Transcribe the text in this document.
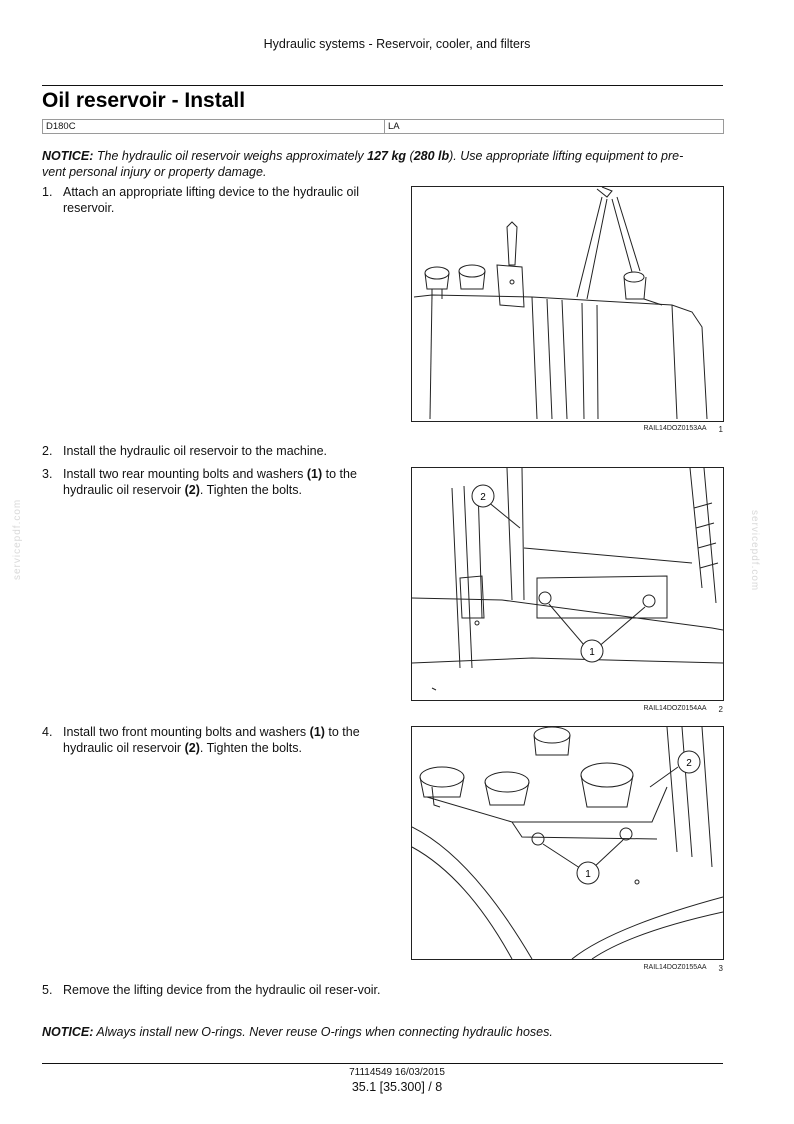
Hydraulic systems - Reservoir, cooler, and filters
Oil reservoir - Install
D180C	LA
NOTICE: The hydraulic oil reservoir weighs approximately 127 kg (280 lb). Use appropriate lifting equipment to pre-
vent personal injury or property damage.
1. Attach an appropriate lifting device to the hydraulic oil reservoir.
RAIL14DOZ0153AA 1
2. Install the hydraulic oil reservoir to the machine.
3. Install two rear mounting bolts and washers (1) to the hydraulic oil reservoir (2). Tighten the bolts.
1
2
RAIL14DOZ0154AA 2
4. Install two front mounting bolts and washers (1) to the hydraulic oil reservoir (2). Tighten the bolts.
1
2
RAIL14DOZ0155AA 3
5. Remove the lifting device from the hydraulic oil reser-voir.
NOTICE: Always install new O-rings. Never reuse O-rings when connecting hydraulic hoses.
servicepdf.com	servicepdf.com
71114549 16/03/2015
35.1 [35.300] / 8
